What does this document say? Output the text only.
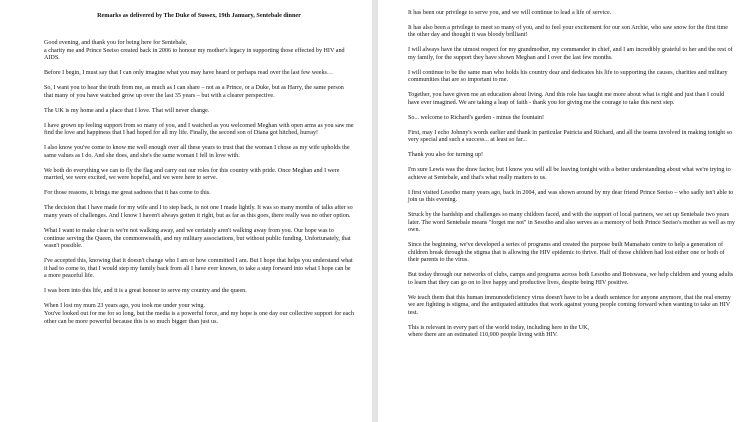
Remarks as delivered by The Duke of Sussex, 19th January, Sentebale dinner

Good evening, and thank you for being here for Sentebale,
a charity me and Prince Seeiso created back in 2006 to honour my mother's legacy in supporting those effected by HIV and AIDS.

Before I begin, I must say that I can only imagine what you may have heard or perhaps read over the last few weeks…

So, I want you to hear the truth from me, as much as I can share – not as a Prince, or a Duke, but as Harry, the same person that many of you have watched grow up over the last 35 years – but with a clearer perspective.

The UK is my home and a place that I love. That will never change.

I have grown up feeling support from so many of you, and I watched as you welcomed Meghan with open arms as you saw me find the love and happiness that I had hoped for all my life. Finally, the second son of Diana got hitched, hurray!

I also know you've come to know me well enough over all these years to trust that the woman I chose as my wife upholds the same values as I do. And she does, and she's the same woman I fell in love with.

We both do everything we can to fly the flag and carry out our roles for this country with pride. Once Meghan and I were married, we were excited, we were hopeful, and we were here to serve.

For those reasons, it brings me great sadness that it has come to this.

The decision that I have made for my wife and I to step back, is not one I made lightly. It was so many months of talks after so many years of challenges. And I know I haven't always gotten it right, but as far as this goes, there really was no other option.

What I want to make clear is we're not walking away, and we certainly aren't walking away from you. Our hope was to continue serving the Queen, the commonwealth, and my military associations, but without public funding. Unfortunately, that wasn't possible.

I've accepted this, knowing that it doesn't change who I am or how committed I am. But I hope that helps you understand what it had to come to, that I would step my family back from all I have ever known, to take a step forward into what I hope can be a more peaceful life.

I was born into this life, and it is a great honour to serve my country and the queen.

When I lost my mum 23 years ago, you took me under your wing.
You've looked out for me for so long, but the media is a powerful force, and my hope is one day our collective support for each other can be more powerful because this is so much bigger than just us.

It has been our privilege to serve you, and we will continue to lead a life of service.

It has also been a privilege to meet so many of you, and to feel your excitement for our son Archie, who saw snow for the first time the other day and thought it was bloody brilliant!

I will always have the utmost respect for my grandmother, my commander in chief, and I am incredibly grateful to her and the rest of my family, for the support they have shown Meghan and I over the last few months.

I will continue to be the same man who holds his country dear and dedicates his life to supporting the causes, charities and military communities that are so important to me.

Together, you have given me an education about living. And this role has taught me more about what is right and just than I could have ever imagined. We are taking a leap of faith - thank you for giving me the courage to take this next step.

So... welcome to Richard's garden - minus the fountain!

First, may I echo Johnny's words earlier and thank in particular Patricia and Richard, and all the teams involved in making tonight so very special and such a success... at least so far...

Thank you also for turning up!

I'm sure Lewis was the draw factor, but I know you will all be leaving tonight with a better understanding about what we're trying to achieve at Sentebale, and that's what really matters to us.

I first visited Lesotho many years ago, back in 2004, and was shown around by my dear friend Prince Seeiso – who sadly isn't able to join us this evening.

Struck by the hardship and challenges so many children faced, and with the support of local partners, we set up Sentebale two years later. The word Sentebale means "forget me not" in Sesotho and also serves as a memory of both Prince Seeiso's mother as well as my own.

Since the beginning, we've developed a series of programs and created the purpose built Mamahato centre to help a generation of children break through the stigma that is allowing the HIV epidemic to thrive. Half of those children had lost either one or both of their parents to the virus.

But today through our networks of clubs, camps and programs across both Lesotho and Botswana, we help children and young adults to learn that they can go on to live happy and productive lives, despite being HIV positive.

We teach them that this human immunodeficiency virus doesn't have to be a death sentence for anyone anymore, that the real enemy we are fighting is stigma, and the antiquated attitudes that work against young people coming forward when wanting to take an HIV test.

This is relevant in every part of the world today, including here in the UK,
where there are an estimated 110,000 people living with HIV.
